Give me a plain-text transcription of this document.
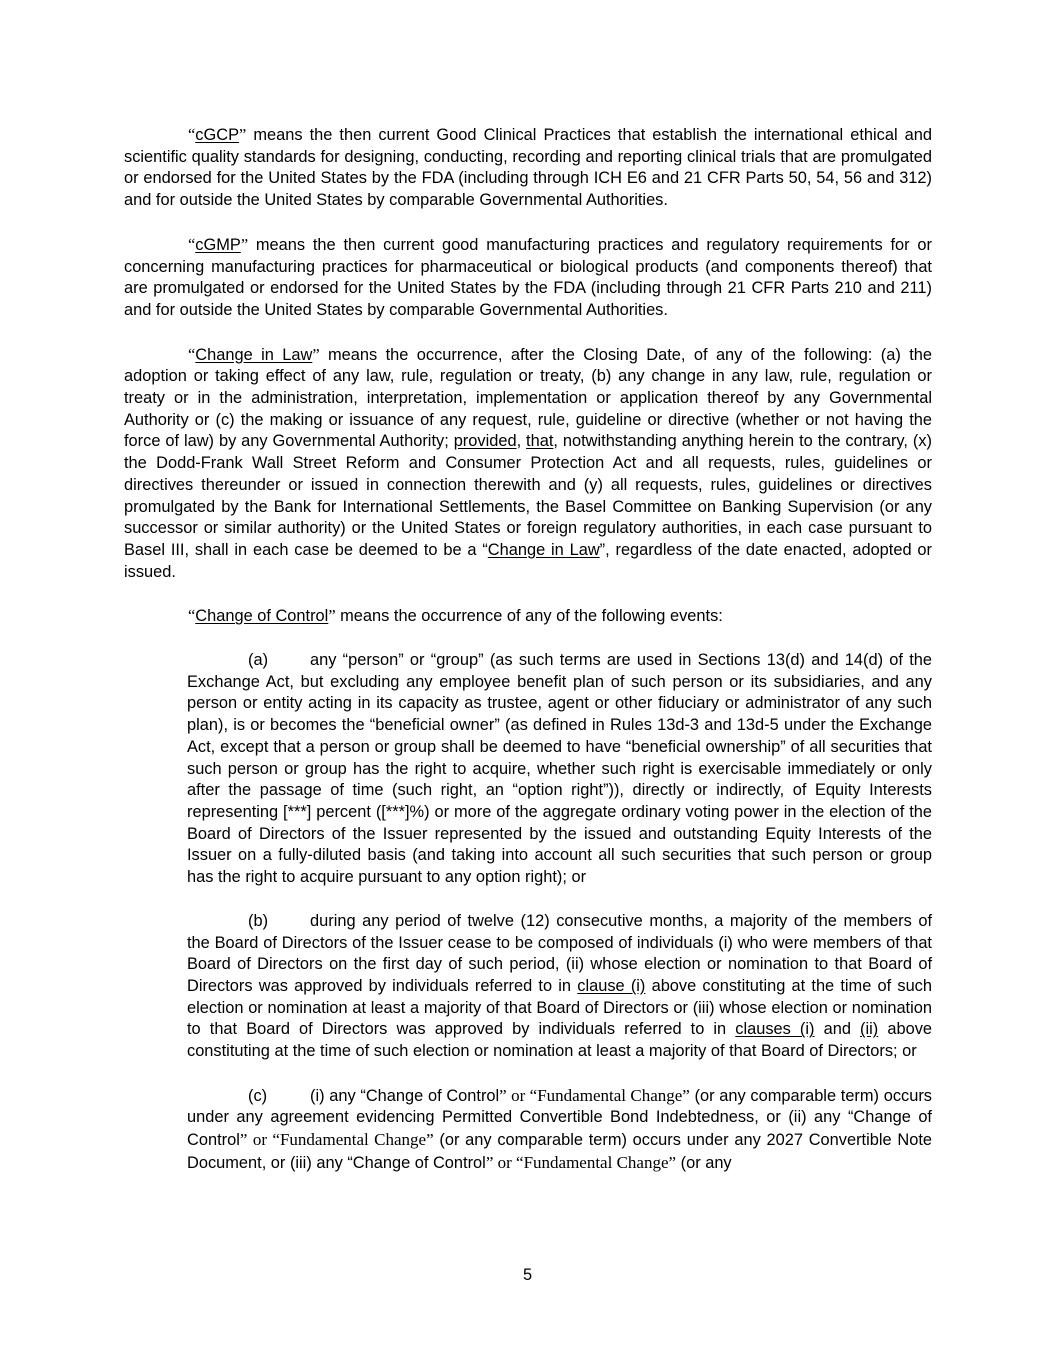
“cGCP” means the then current Good Clinical Practices that establish the international ethical and scientific quality standards for designing, conducting, recording and reporting clinical trials that are promulgated or endorsed for the United States by the FDA (including through ICH E6 and 21 CFR Parts 50, 54, 56 and 312) and for outside the United States by comparable Governmental Authorities.

“cGMP” means the then current good manufacturing practices and regulatory requirements for or concerning manufacturing practices for pharmaceutical or biological products (and components thereof) that are promulgated or endorsed for the United States by the FDA (including through 21 CFR Parts 210 and 211) and for outside the United States by comparable Governmental Authorities.

“Change in Law” means the occurrence, after the Closing Date, of any of the following: (a) the adoption or taking effect of any law, rule, regulation or treaty, (b) any change in any law, rule, regulation or treaty or in the administration, interpretation, implementation or application thereof by any Governmental Authority or (c) the making or issuance of any request, rule, guideline or directive (whether or not having the force of law) by any Governmental Authority; provided, that, notwithstanding anything herein to the contrary, (x) the Dodd-Frank Wall Street Reform and Consumer Protection Act and all requests, rules, guidelines or directives thereunder or issued in connection therewith and (y) all requests, rules, guidelines or directives promulgated by the Bank for International Settlements, the Basel Committee on Banking Supervision (or any successor or similar authority) or the United States or foreign regulatory authorities, in each case pursuant to Basel III, shall in each case be deemed to be a “Change in Law”, regardless of the date enacted, adopted or issued.

“Change of Control” means the occurrence of any of the following events:

(a)	any “person” or “group” (as such terms are used in Sections 13(d) and 14(d) of the Exchange Act, but excluding any employee benefit plan of such person or its subsidiaries, and any person or entity acting in its capacity as trustee, agent or other fiduciary or administrator of any such plan), is or becomes the “beneficial owner” (as defined in Rules 13d-3 and 13d-5 under the Exchange Act, except that a person or group shall be deemed to have “beneficial ownership” of all securities that such person or group has the right to acquire, whether such right is exercisable immediately or only after the passage of time (such right, an “option right”)), directly or indirectly, of Equity Interests representing [***] percent ([***]%) or more of the aggregate ordinary voting power in the election of the Board of Directors of the Issuer represented by the issued and outstanding Equity Interests of the Issuer on a fully-diluted basis (and taking into account all such securities that such person or group has the right to acquire pursuant to any option right); or

(b)	during any period of twelve (12) consecutive months, a majority of the members of the Board of Directors of the Issuer cease to be composed of individuals (i) who were members of that Board of Directors on the first day of such period, (ii) whose election or nomination to that Board of Directors was approved by individuals referred to in clause (i) above constituting at the time of such election or nomination at least a majority of that Board of Directors or (iii) whose election or nomination to that Board of Directors was approved by individuals referred to in clauses (i) and (ii) above constituting at the time of such election or nomination at least a majority of that Board of Directors; or

(c)	(i) any “Change of Control” or “Fundamental Change” (or any comparable term) occurs under any agreement evidencing Permitted Convertible Bond Indebtedness, or (ii) any “Change of Control” or “Fundamental Change” (or any comparable term) occurs under any 2027 Convertible Note Document, or (iii) any “Change of Control” or “Fundamental Change” (or any

5
